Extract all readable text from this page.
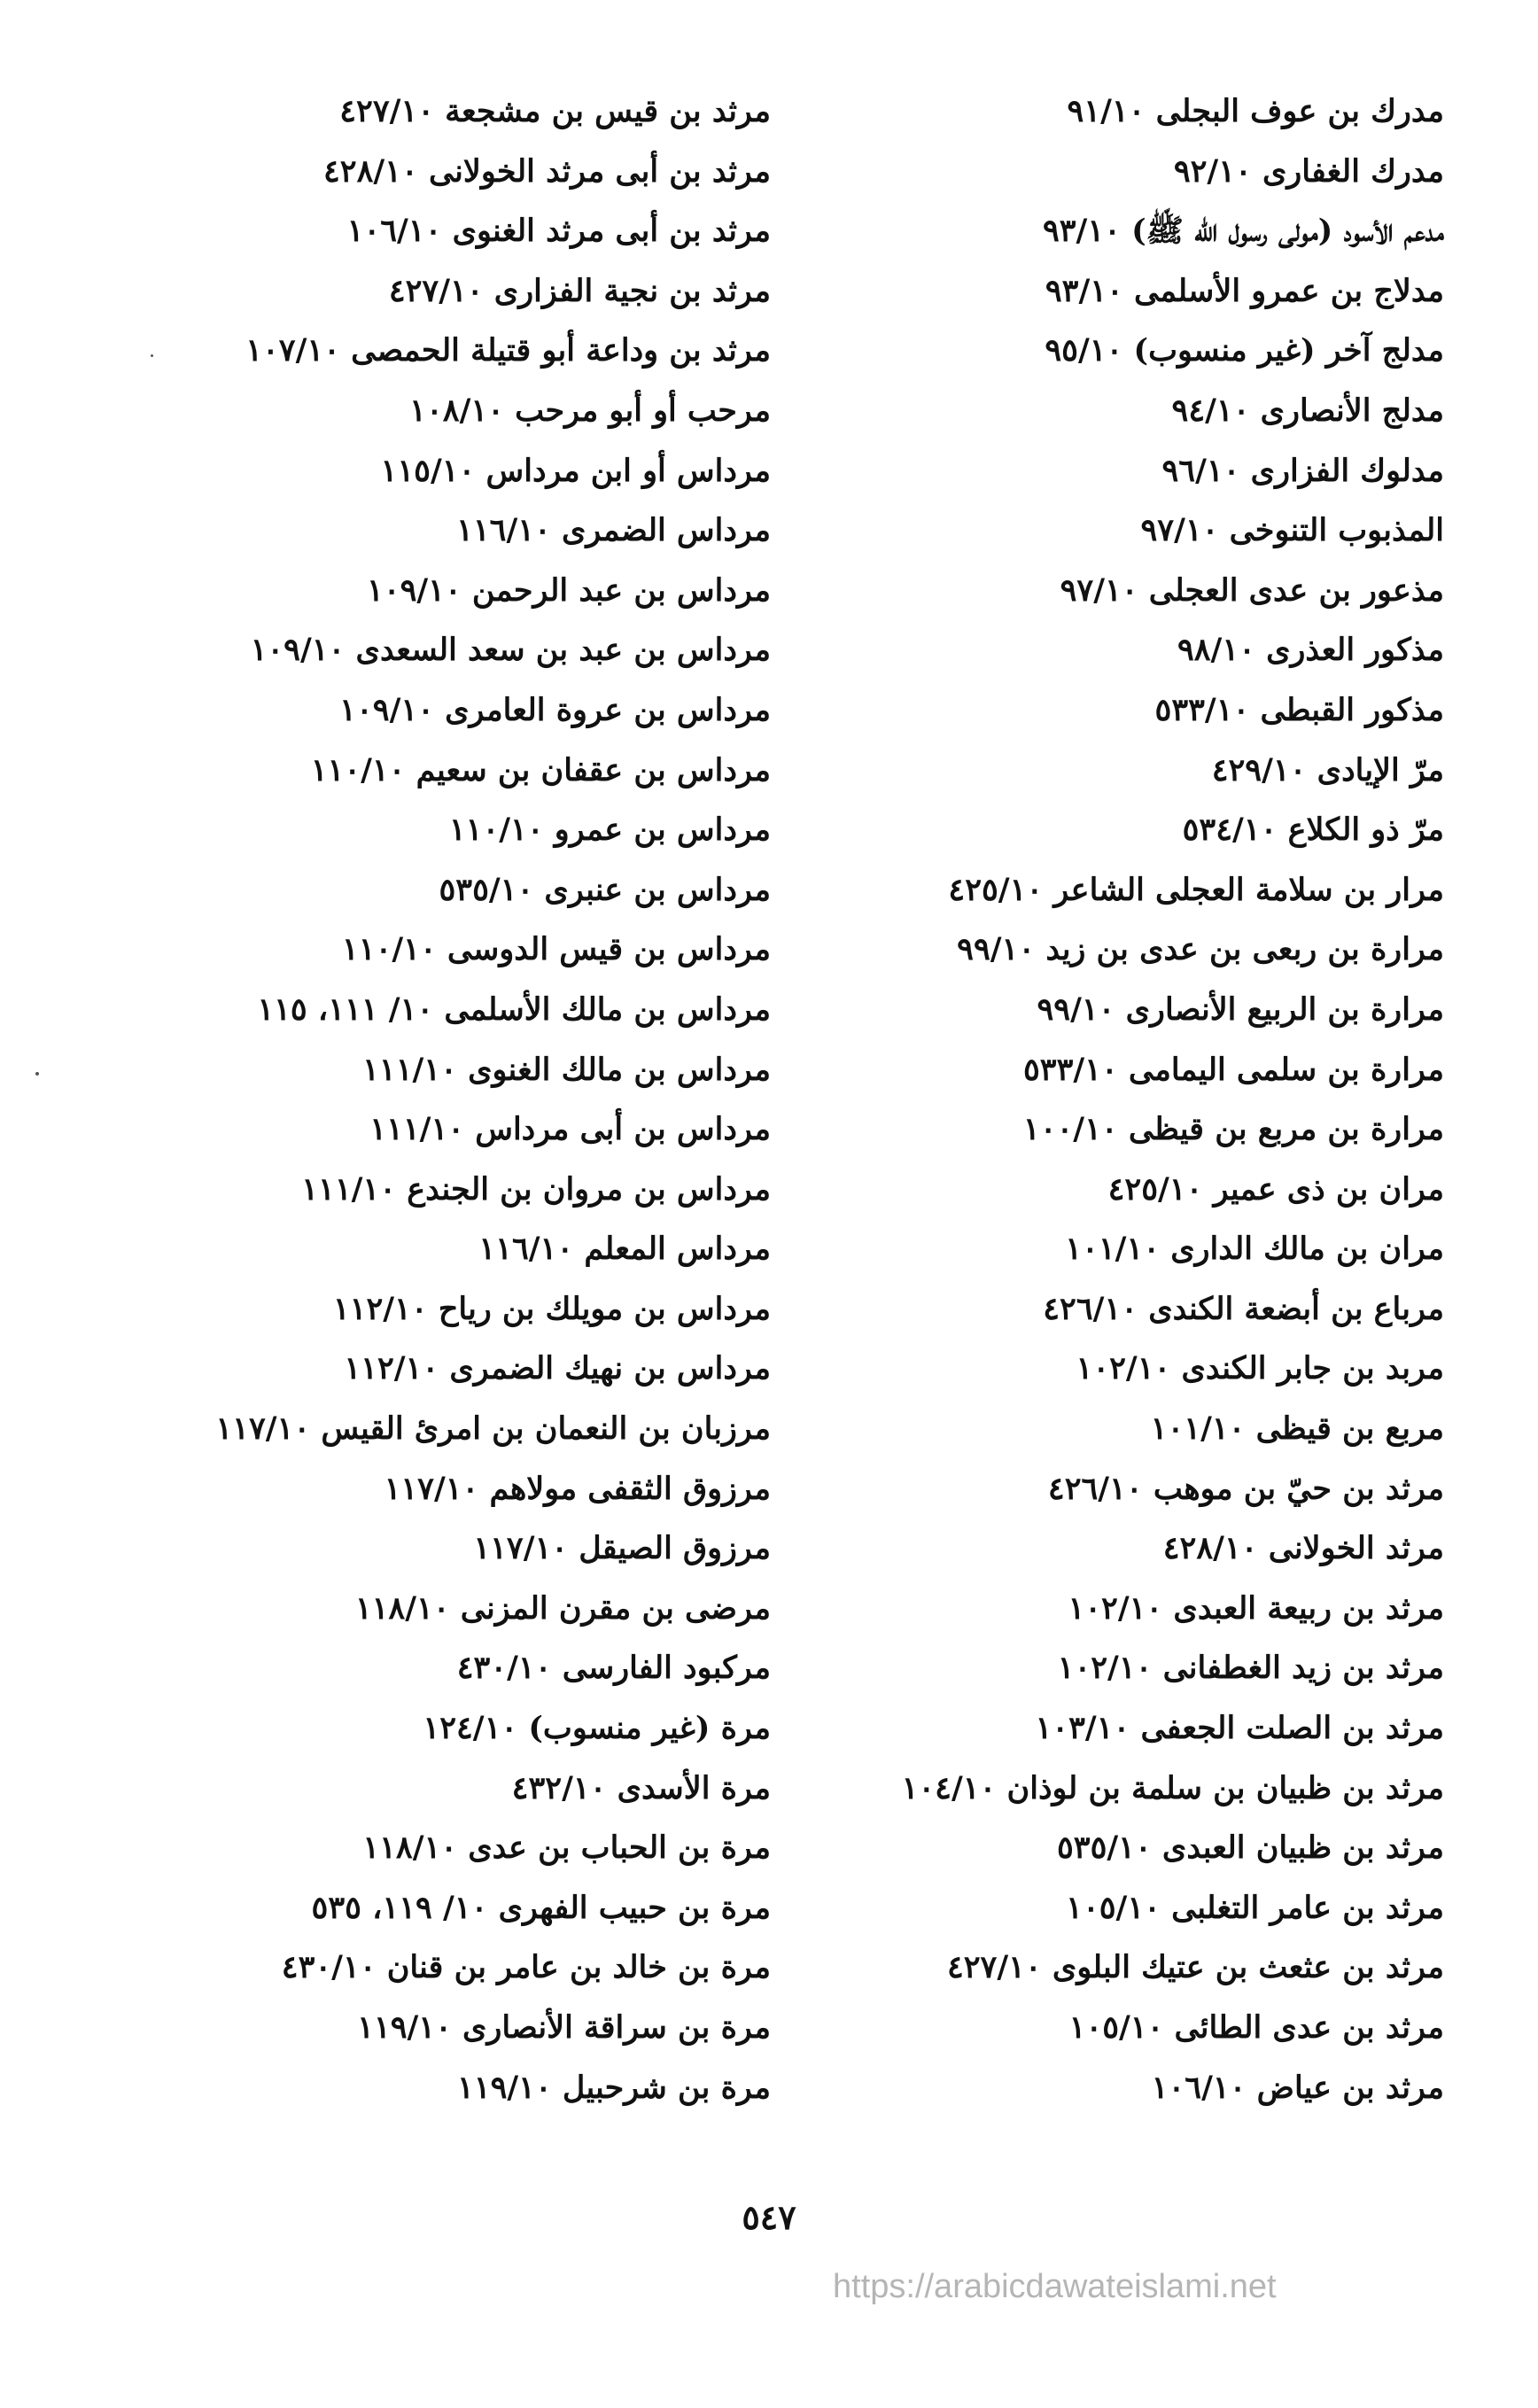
مدرك بن عوف البجلى ٩١/١٠
مدرك الغفارى ٩٢/١٠
مدعم الأسود (مولى رسول الله ﷺ) ٩٣/١٠
مدلاج بن عمرو الأسلمى ٩٣/١٠
مدلج آخر (غير منسوب) ٩٥/١٠
مدلج الأنصارى ٩٤/١٠
مدلوك الفزارى ٩٦/١٠
المذبوب التنوخى ٩٧/١٠
مذعور بن عدى العجلى ٩٧/١٠
مذكور العذرى ٩٨/١٠
مذكور القبطى ٥٣٣/١٠
مرّ الإيادى ٤٢٩/١٠
مرّ ذو الكلاع ٥٣٤/١٠
مرار بن سلامة العجلى الشاعر ٤٢٥/١٠
مرارة بن ربعى بن عدى بن زيد ٩٩/١٠
مرارة بن الربيع الأنصارى ٩٩/١٠
مرارة بن سلمى اليمامى ٥٣٣/١٠
مرارة بن مربع بن قيظى ١٠٠/١٠
مران بن ذى عمير ٤٢٥/١٠
مران بن مالك الدارى ١٠١/١٠
مرباع بن أبضعة الكندى ٤٢٦/١٠
مربد بن جابر الكندى ١٠٢/١٠
مربع بن قيظى ١٠١/١٠
مرثد بن حيّ بن موهب ٤٢٦/١٠
مرثد الخولانى ٤٢٨/١٠
مرثد بن ربيعة العبدى ١٠٢/١٠
مرثد بن زيد الغطفانى ١٠٢/١٠
مرثد بن الصلت الجعفى ١٠٣/١٠
مرثد بن ظبيان بن سلمة بن لوذان ١٠٤/١٠
مرثد بن ظبيان العبدى ٥٣٥/١٠
مرثد بن عامر التغلبى ١٠٥/١٠
مرثد بن عثعث بن عتيك البلوى ٤٢٧/١٠
مرثد بن عدى الطائى ١٠٥/١٠
مرثد بن عياض ١٠٦/١٠
مرثد بن قيس بن مشجعة ٤٢٧/١٠
مرثد بن أبى مرثد الخولانى ٤٢٨/١٠
مرثد بن أبى مرثد الغنوى ١٠٦/١٠
مرثد بن نجية الفزارى ٤٢٧/١٠
مرثد بن وداعة أبو قتيلة الحمصى ١٠٧/١٠
مرحب أو أبو مرحب ١٠٨/١٠
مرداس أو ابن مرداس ١١٥/١٠
مرداس الضمرى ١١٦/١٠
مرداس بن عبد الرحمن ١٠٩/١٠
مرداس بن عبد بن سعد السعدى ١٠٩/١٠
مرداس بن عروة العامرى ١٠٩/١٠
مرداس بن عقفان بن سعيم ١١٠/١٠
مرداس بن عمرو ١١٠/١٠
مرداس بن عنبرى ٥٣٥/١٠
مرداس بن قيس الدوسى ١١٠/١٠
مرداس بن مالك الأسلمى ١٠/ ١١١، ١١٥
مرداس بن مالك الغنوى ١١١/١٠
مرداس بن أبى مرداس ١١١/١٠
مرداس بن مروان بن الجندع ١١١/١٠
مرداس المعلم ١١٦/١٠
مرداس بن مويلك بن رياح ١١٢/١٠
مرداس بن نهيك الضمرى ١١٢/١٠
مرزبان بن النعمان بن امرئ القيس ١١٧/١٠
مرزوق الثقفى مولاهم ١١٧/١٠
مرزوق الصيقل ١١٧/١٠
مرضى بن مقرن المزنى ١١٨/١٠
مركبود الفارسى ٤٣٠/١٠
مرة (غير منسوب) ١٢٤/١٠
مرة الأسدى ٤٣٢/١٠
مرة بن الحباب بن عدى ١١٨/١٠
مرة بن حبيب الفهرى ١٠/ ١١٩، ٥٣٥
مرة بن خالد بن عامر بن قنان ٤٣٠/١٠
مرة بن سراقة الأنصارى ١١٩/١٠
مرة بن شرحبيل ١١٩/١٠
٥٤٧
https://arabicdawateislami.net
